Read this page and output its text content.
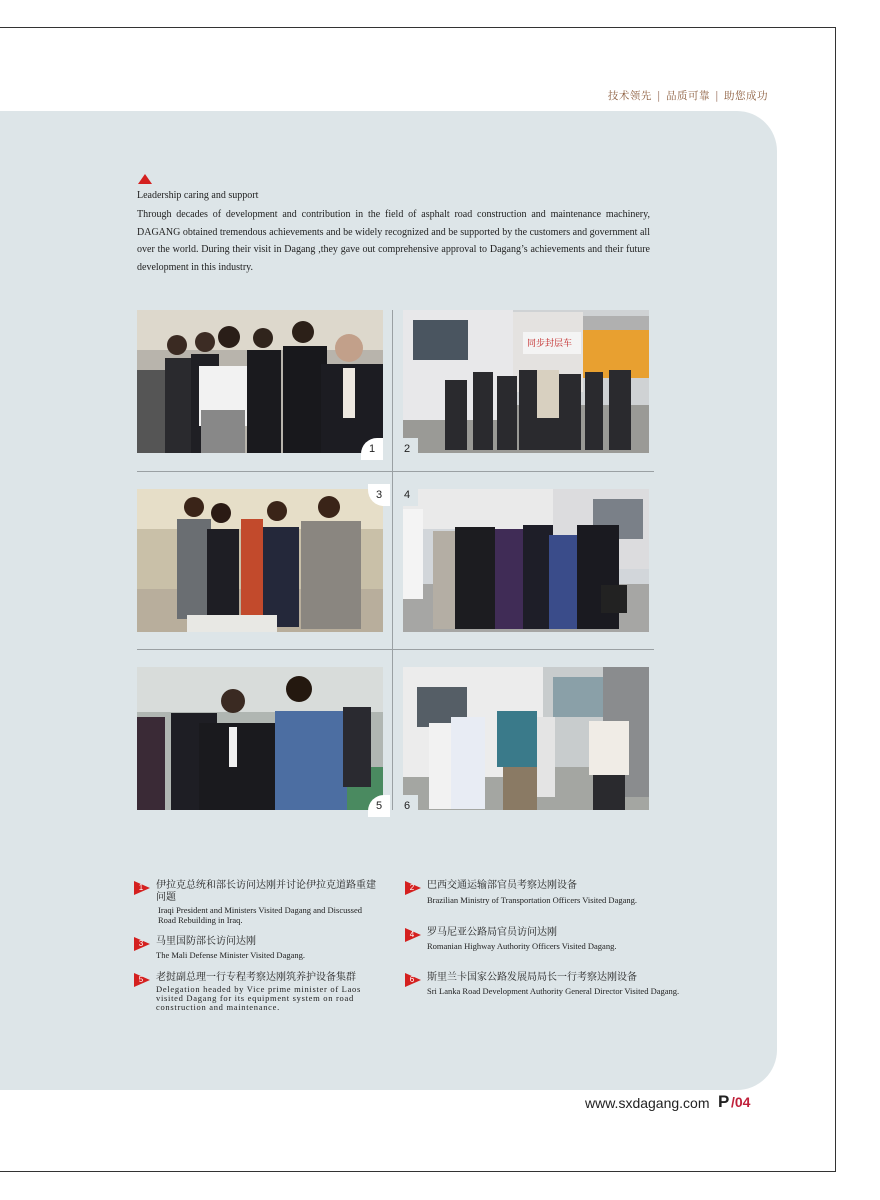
技术领先 | 品质可靠 | 助您成功
Leadership caring and support
Through decades of development and contribution in the field of asphalt road construction and maintenance machinery, DAGANG obtained tremendous achievements and be widely recognized and be supported by the customers and government all over the world. During their visit in Dagang ,they gave out comprehensive approval to Dagang’s achievements and their future development in this industry.
同步封层车
1	2
3	4
5	6
1 伊拉克总统和部长访问达刚并讨论伊拉克道路重建问题
Iraqi President and Ministers Visited Dagang and Discussed Road Rebuilding in Iraq.
2 巴西交通运输部官员考察达刚设备
Brazilian Ministry of Transportation Officers Visited Dagang.
3 马里国防部长访问达刚
The Mali Defense Minister Visited Dagang.
4 罗马尼亚公路局官员访问达刚
Romanian Highway Authority Officers Visited Dagang.
5 老挝副总理一行专程考察达刚筑养护设备集群
Delegation headed by Vice prime minister of Laos visited Dagang for its equipment system on road construction and maintenance.
6 斯里兰卡国家公路发展局局长一行考察达刚设备
Sri Lanka Road Development Authority General Director Visited Dagang.
www.sxdagang.com P /04
